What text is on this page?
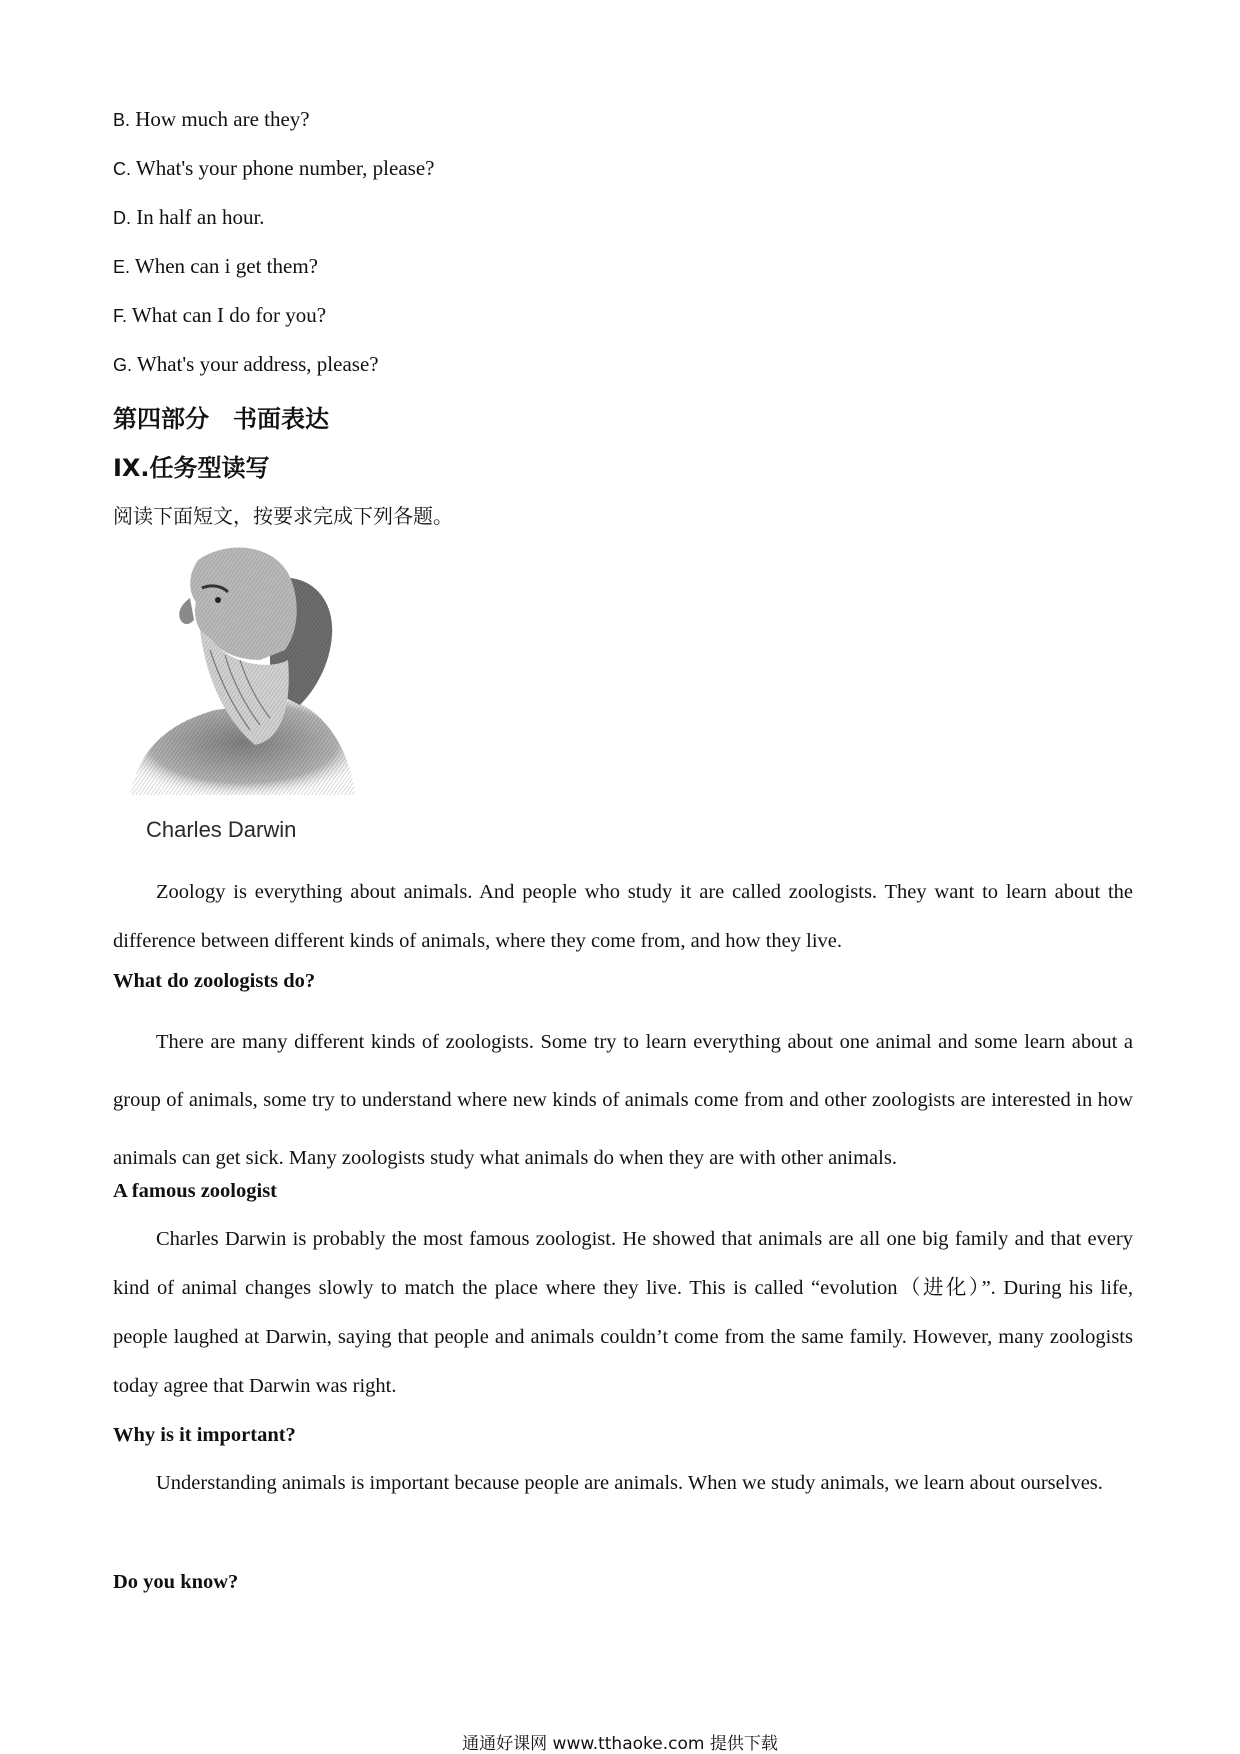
B. How much are they?
C. What's your phone number, please?
D. In half an hour.
E. When can i get them?
F. What can I do for you?
G. What's your address, please?
第四部分　书面表达
IX.任务型读写
阅读下面短文，按要求完成下列各题。
Charles Darwin

Zoology is everything about animals. And people who study it are called zoologists. They want to learn about the difference between different kinds of animals, where they come from, and how they live.

What do zoologists do?

There are many different kinds of zoologists. Some try to learn everything about one animal and some learn about a group of animals, some try to understand where new kinds of animals come from and other zoologists are interested in how animals can get sick. Many zoologists study what animals do when they are with other animals.

A famous zoologist

Charles Darwin is probably the most famous zoologist. He showed that animals are all one big family and that every kind of animal changes slowly to match the place where they live. This is called “evolution（进化）”. During his life, people laughed at Darwin, saying that people and animals couldn’t come from the same family. However, many zoologists today agree that Darwin was right.

Why is it important?

Understanding animals is important because people are animals. When we study animals, we learn about ourselves.

Do you know?
通通好课网 www.tthaoke.com 提供下载
